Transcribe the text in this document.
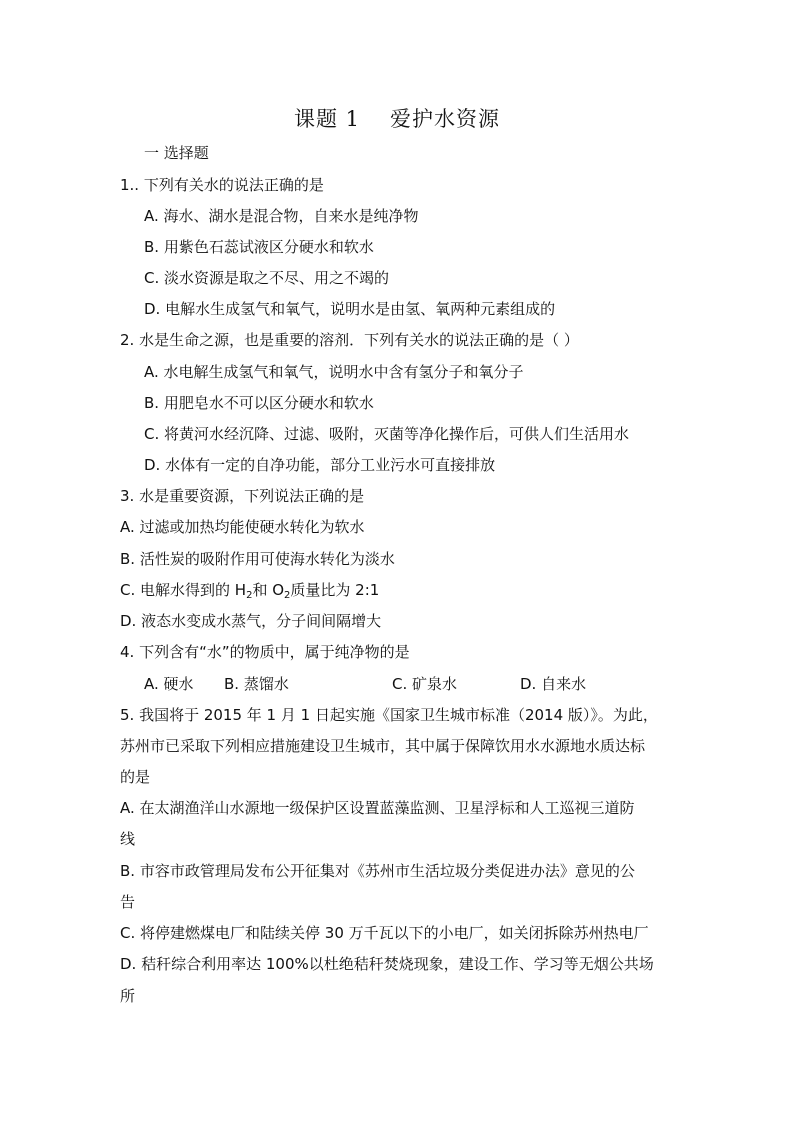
课题 1 爱护水资源
一 选择题
1.. 下列有关水的说法正确的是
A. 海水、湖水是混合物，自来水是纯净物
B. 用紫色石蕊试液区分硬水和软水
C. 淡水资源是取之不尽、用之不竭的
D. 电解水生成氢气和氧气，说明水是由氢、氧两种元素组成的
2. 水是生命之源，也是重要的溶剂．下列有关水的说法正确的是（ ）
A. 水电解生成氢气和氧气，说明水中含有氢分子和氧分子
B. 用肥皂水不可以区分硬水和软水
C. 将黄河水经沉降、过滤、吸附，灭菌等净化操作后，可供人们生活用水
D. 水体有一定的自净功能，部分工业污水可直接排放
3. 水是重要资源，下列说法正确的是
A. 过滤或加热均能使硬水转化为软水
B. 活性炭的吸附作用可使海水转化为淡水
C. 电解水得到的 $H_2$和 $O_2$质量比为 2:1
D. 液态水变成水蒸气，分子间间隔增大
4. 下列含有“水”的物质中，属于纯净物的是
A. 硬水 B. 蒸馏水	C. 矿泉水	D. 自来水
5. 我国将于 2015 年 1 月 1 日起实施《国家卫生城市标准（2014 版）》。为此，
苏州市已采取下列相应措施建设卫生城市，其中属于保障饮用水水源地水质达标
的是
A. 在太湖渔洋山水源地一级保护区设置蓝藻监测、卫星浮标和人工巡视三道防
线
B. 市容市政管理局发布公开征集对《苏州市生活垃圾分类促进办法》意见的公
告
C. 将停建燃煤电厂和陆续关停 30 万千瓦以下的小电厂，如关闭拆除苏州热电厂
D. 秸秆综合利用率达 100%以杜绝秸秆焚烧现象，建设工作、学习等无烟公共场
所
